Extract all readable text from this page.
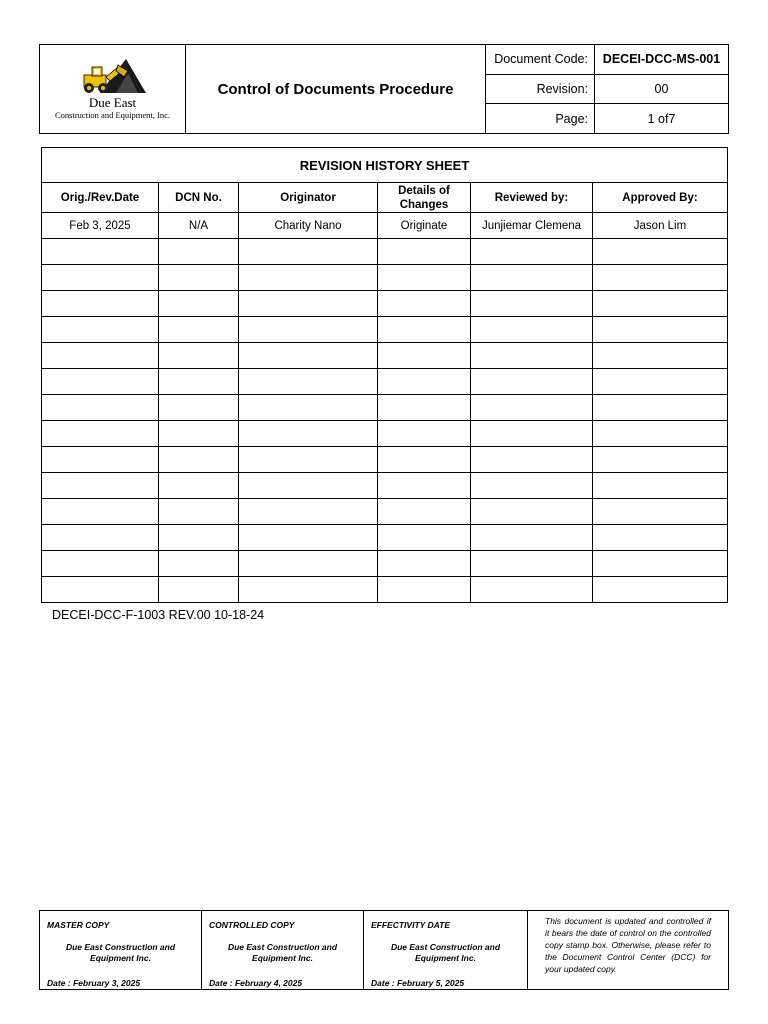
Due East
Construction and Equipment, Inc.
Control of Documents Procedure
Document Code:	DECEI-DCC-MS-001
Revision:	00
Page:	1 of7
REVISION HISTORY SHEET					
Orig./Rev.Date	DCN No.	Originator	Details of Changes	Reviewed by:	Approved By:
Feb 3, 2025	N/A	Charity Nano	Originate	Junjiemar Clemena	Jason Lim

DECEI-DCC-F-1003 REV.00 10-18-24
MASTER COPY
Due East Construction and Equipment Inc.
Date : February 3, 2025
CONTROLLED COPY
Due East Construction and Equipment Inc.
Date : February 4, 2025
EFFECTIVITY DATE
Due East Construction and Equipment Inc.
Date : February 5, 2025
This document is updated and controlled if it bears the date of control on the controlled copy stamp box. Otherwise, please refer to the Document Control Center (DCC) for your updated copy.
